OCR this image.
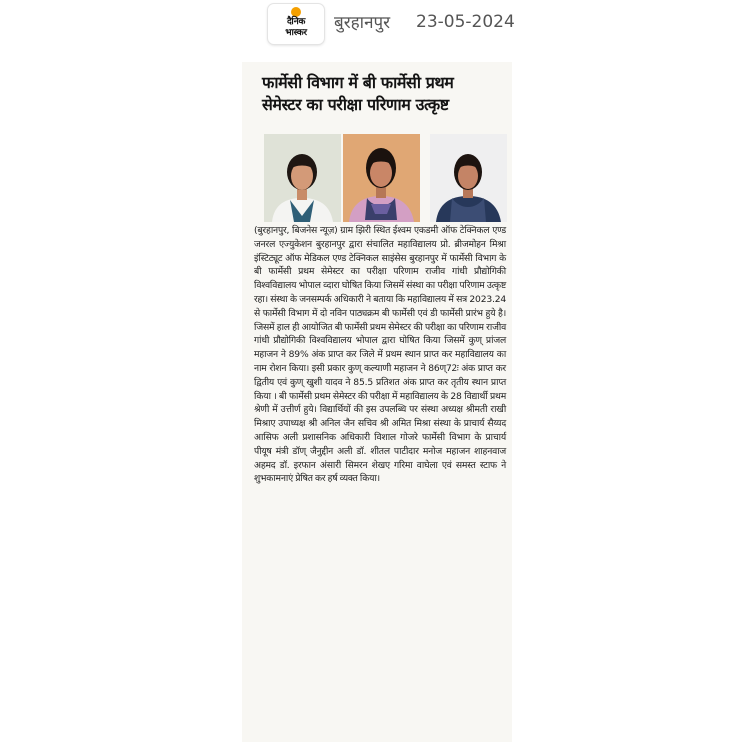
दैनिक
भास्कर	बुरहानपुर 23-05-2024
फार्मेसी विभाग में बी फार्मेसी प्रथम
सेमेस्टर का परीक्षा परिणाम उत्कृष्ट

(बुरहानपुर, बिजनेस न्यूज़) ग्राम झिरी स्थित ईश्वम एकडमी ऑफ टेक्निकल एण्ड जनरल एज्युकेशन बुरहानपुर द्वारा संचालित महाविद्यालय प्रो. ब्रीजमोहन मिश्रा इंस्टिट्यूट ऑफ मेडिकल एण्ड टेक्निकल साइंसेस बुरहानपुर में फार्मेसी विभाग के बी फार्मेसी प्रथम सेमेस्टर का परीक्षा परिणाम राजीव गांधी प्रौद्योगिकी विश्वविद्यालय भोपाल व्दारा घोषित किया जिसमें संस्था का परीक्षा परिणाम उत्कृष्ट रहा। संस्था के जनसम्पर्क अधिकारी ने बताया कि महाविद्यालय में सत्र 2023.24 से फार्मेसी विभाग में दो नविन पाठ्यक्रम बी फार्मेसी एवं डी फार्मेसी प्रारंभ हुये है। जिसमें हाल ही आयोजित बी फार्मेसी प्रथम सेमेस्टर की परीक्षा का परिणाम राजीव गांधी प्रौद्योगिकी विश्वविद्यालय भोपाल द्वारा घोषित किया जिसमें कुण् प्रांजल महाजन ने 89% अंक प्राप्त कर जिले में प्रथम स्थान प्राप्त कर महाविद्यालय का नाम रोशन किया। इसी प्रकार कुण् कल्याणी महाजन ने 86ण्72ः अंक प्राप्त कर द्वितीय एवं कुण् खुशी यादव ने 85.5 प्रतिशत अंक प्राप्त कर तृतीय स्थान प्राप्त किया । बी फार्मेसी प्रथम सेमेस्टर की परीक्षा में महाविद्यालय के 28 विद्यार्थी प्रथम श्रेणी में उत्तीर्ण हुये। विद्यार्थियों की इस उपलब्धि पर संस्था अध्यक्ष श्रीमती राखी मिश्राए उपाध्यक्ष श्री अनिल जैन सचिव श्री अमित मिश्रा संस्था के प्राचार्य सैय्यद आसिफ अली प्रशासनिक अधिकारी विशाल गोजरे फार्मेसी विभाग के प्राचार्य पीयूष मंत्री डॉण् जैनुद्दीन अली डॉ. शीतल पाटीदार मनोज महाजन शाहनवाज अहमद डॉ. इरफान अंसारी सिमरन शेखए गरिमा वाघेला एवं समस्त स्टाफ ने शुभकामनाएं प्रेषित कर हर्ष व्यक्त किया।
